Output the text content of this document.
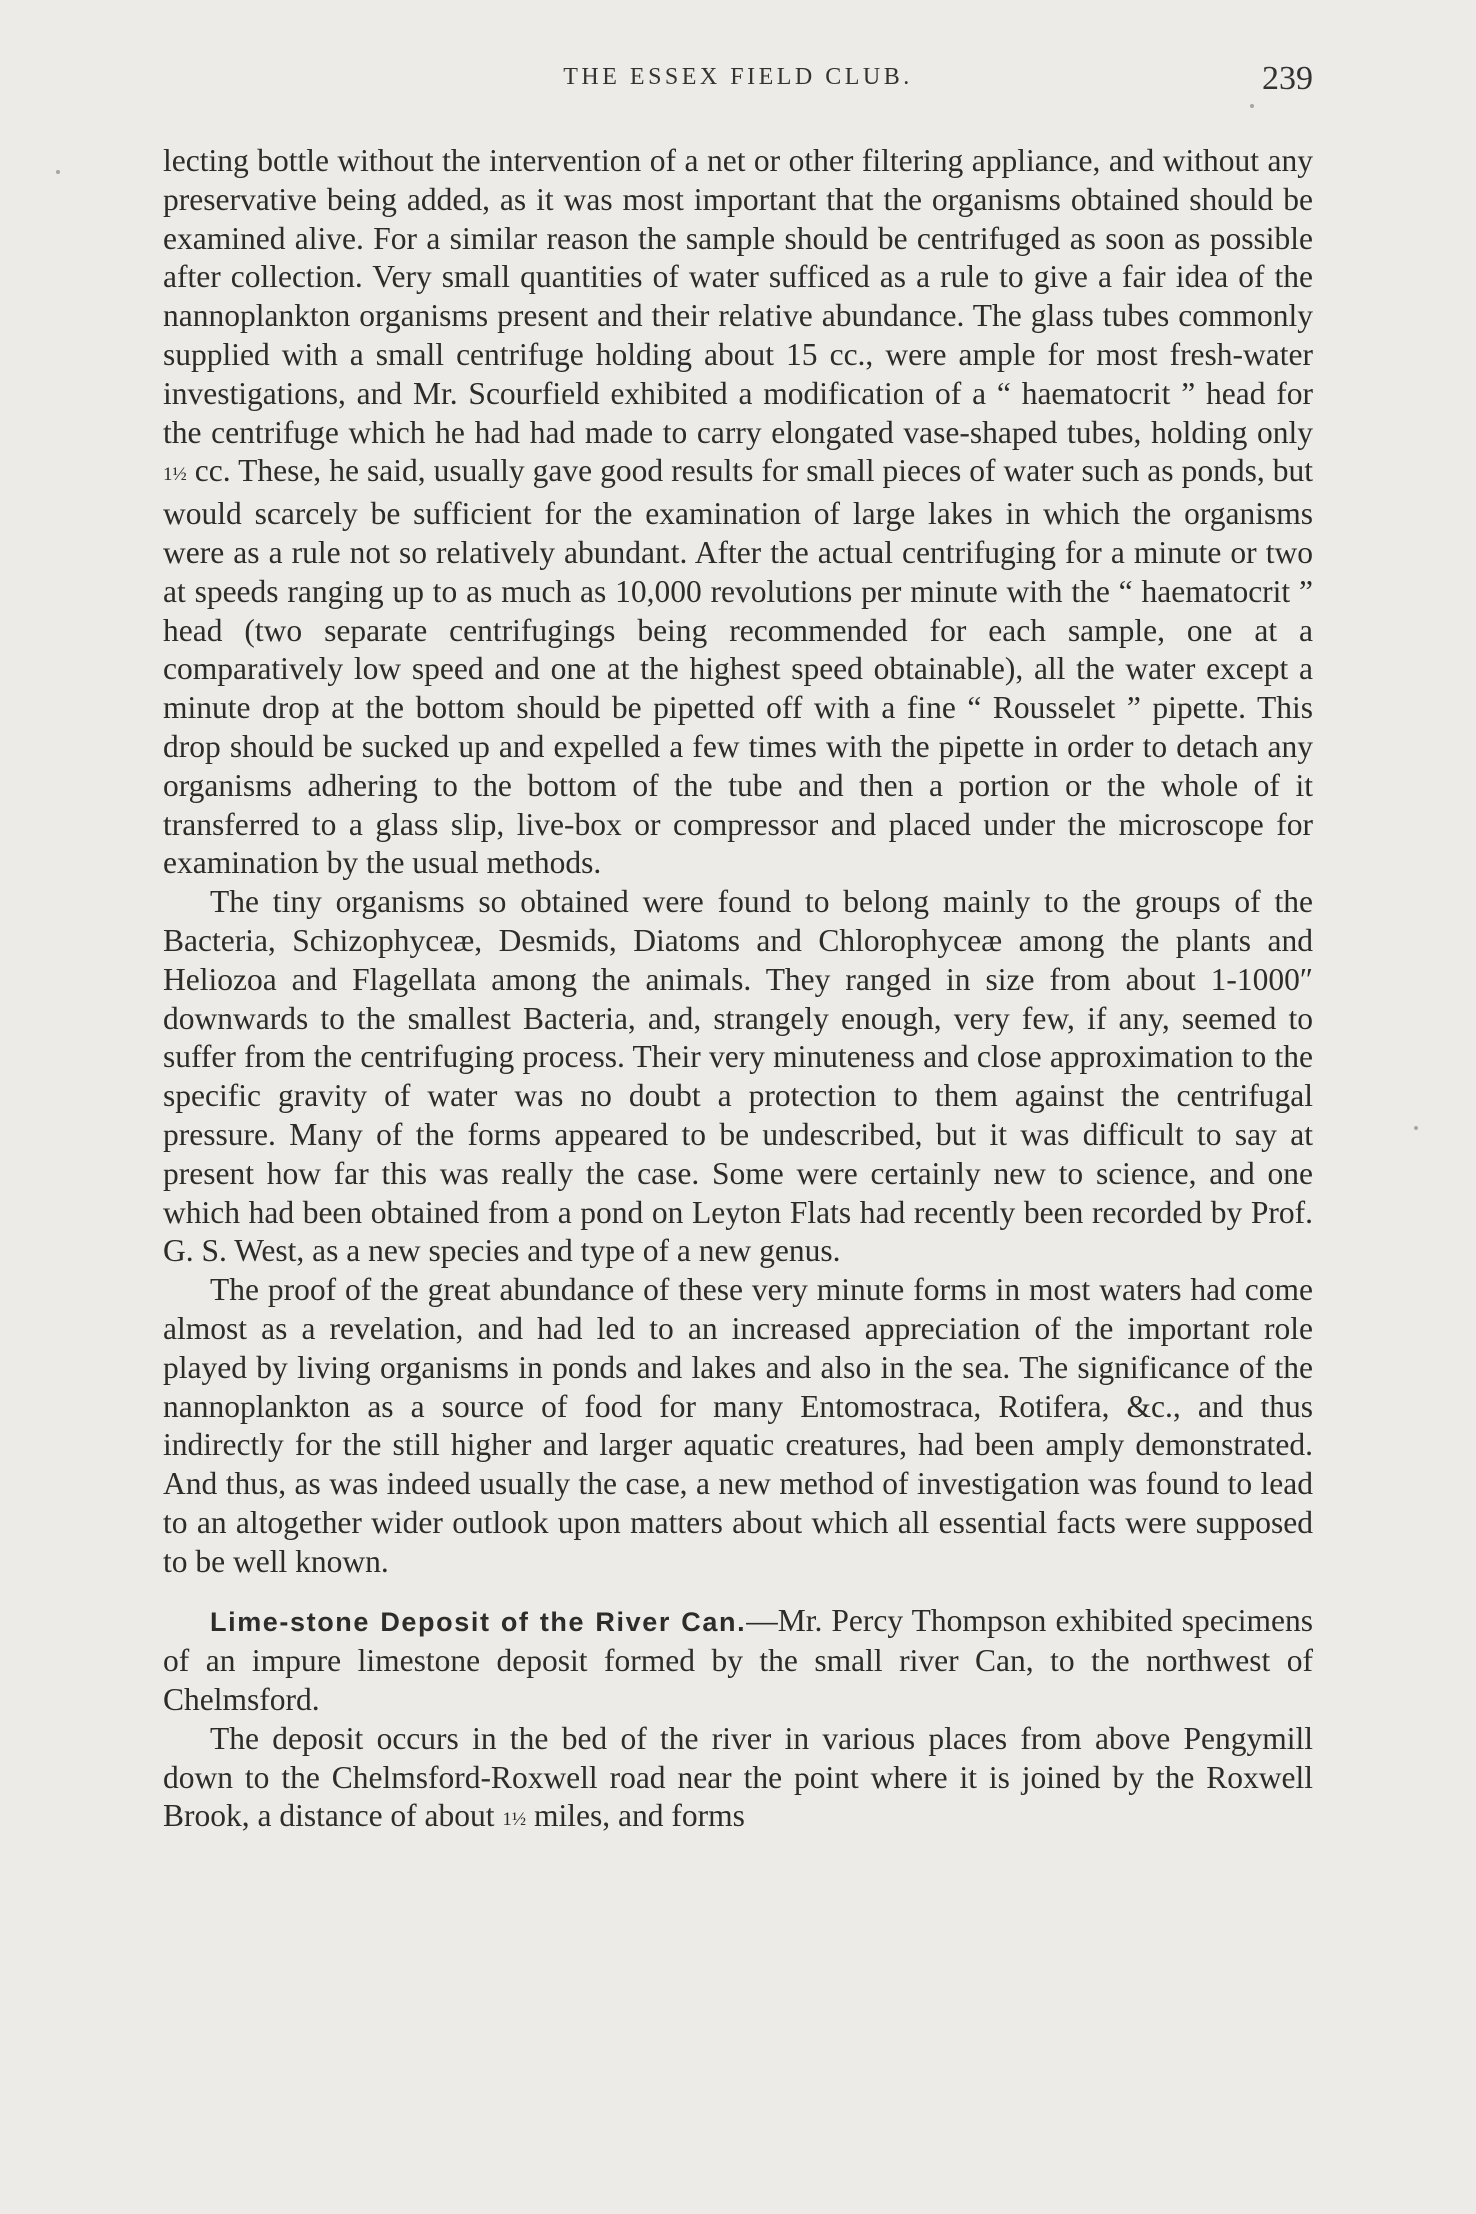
THE ESSEX FIELD CLUB.	239

lecting bottle without the intervention of a net or other filtering appliance, and without any preservative being added, as it was most important that the organisms obtained should be examined alive. For a similar reason the sample should be centrifuged as soon as possible after collection. Very small quantities of water sufficed as a rule to give a fair idea of the nannoplankton organisms present and their relative abundance. The glass tubes commonly supplied with a small centrifuge holding about 15 cc., were ample for most fresh-water investigations, and Mr. Scourfield exhibited a modification of a “ haematocrit ” head for the centrifuge which he had had made to carry elongated vase-shaped tubes, holding only 1½ cc. These, he said, usually gave good results for small pieces of water such as ponds, but would scarcely be sufficient for the examination of large lakes in which the organisms were as a rule not so relatively abundant. After the actual centrifuging for a minute or two at speeds ranging up to as much as 10,000 revolutions per minute with the “ haematocrit ” head (two separate centrifugings being recommended for each sample, one at a comparatively low speed and one at the highest speed obtainable), all the water except a minute drop at the bottom should be pipetted off with a fine “ Rousselet ” pipette. This drop should be sucked up and expelled a few times with the pipette in order to detach any organisms adhering to the bottom of the tube and then a portion or the whole of it transferred to a glass slip, live-box or compressor and placed under the microscope for examination by the usual methods.

The tiny organisms so obtained were found to belong mainly to the groups of the Bacteria, Schizophyceæ, Desmids, Diatoms and Chlorophyceæ among the plants and Heliozoa and Flagellata among the animals. They ranged in size from about 1-1000″ downwards to the smallest Bacteria, and, strangely enough, very few, if any, seemed to suffer from the centrifuging process. Their very minuteness and close approximation to the specific gravity of water was no doubt a protection to them against the centrifugal pressure. Many of the forms appeared to be undescribed, but it was difficult to say at present how far this was really the case. Some were certainly new to science, and one which had been obtained from a pond on Leyton Flats had recently been recorded by Prof. G. S. West, as a new species and type of a new genus.

The proof of the great abundance of these very minute forms in most waters had come almost as a revelation, and had led to an increased appreciation of the important role played by living organisms in ponds and lakes and also in the sea. The significance of the nannoplankton as a source of food for many Entomostraca, Rotifera, &c., and thus indirectly for the still higher and larger aquatic creatures, had been amply demonstrated. And thus, as was indeed usually the case, a new method of investigation was found to lead to an altogether wider outlook upon matters about which all essential facts were supposed to be well known.

Lime-stone Deposit of the River Can.—Mr. Percy Thompson exhibited specimens of an impure limestone deposit formed by the small river Can, to the northwest of Chelmsford.

The deposit occurs in the bed of the river in various places from above Pengymill down to the Chelmsford-Roxwell road near the point where it is joined by the Roxwell Brook, a distance of about 1½ miles, and forms
